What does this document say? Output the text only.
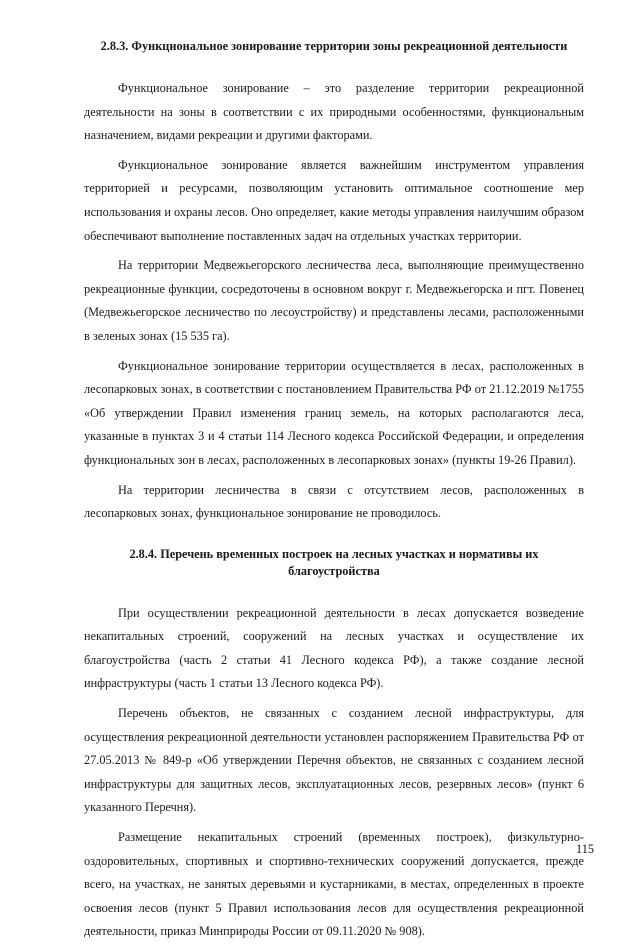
2.8.3. Функциональное зонирование территории зоны рекреационной деятельности

Функциональное зонирование – это разделение территории рекреационной деятельности на зоны в соответствии с их природными особенностями, функциональным назначением, видами рекреации и другими факторами.

Функциональное зонирование является важнейшим инструментом управления территорией и ресурсами, позволяющим установить оптимальное соотношение мер использования и охраны лесов. Оно определяет, какие методы управления наилучшим образом обеспечивают выполнение поставленных задач на отдельных участках территории.

На территории Медвежьегорского лесничества леса, выполняющие преимущественно рекреационные функции, сосредоточены в основном вокруг г. Медвежьегорска и пгт. Повенец (Медвежьегорское лесничество по лесоустройству) и представлены лесами, расположенными в зеленых зонах (15 535 га).

Функциональное зонирование территории осуществляется в лесах, расположенных в лесопарковых зонах, в соответствии с постановлением Правительства РФ от 21.12.2019 №1755 «Об утверждении Правил изменения границ земель, на которых располагаются леса, указанные в пунктах 3 и 4 статьи 114 Лесного кодекса Российской Федерации, и определения функциональных зон в лесах, расположенных в лесопарковых зонах» (пункты 19-26 Правил).

На территории лесничества в связи с отсутствием лесов, расположенных в лесопарковых зонах, функциональное зонирование не проводилось.

2.8.4. Перечень временных построек на лесных участках и нормативы их
благоустройства

При осуществлении рекреационной деятельности в лесах допускается возведение некапитальных строений, сооружений на лесных участках и осуществление их благоустройства (часть 2 статьи 41 Лесного кодекса РФ), а также создание лесной инфраструктуры (часть 1 статьи 13 Лесного кодекса РФ).

Перечень объектов, не связанных с созданием лесной инфраструктуры, для осуществления рекреационной деятельности установлен распоряжением Правительства РФ от 27.05.2013 № 849-р «Об утверждении Перечня объектов, не связанных с созданием лесной инфраструктуры для защитных лесов, эксплуатационных лесов, резервных лесов» (пункт 6 указанного Перечня).

Размещение некапитальных строений (временных построек), физкультурно-оздоровительных, спортивных и спортивно-технических сооружений допускается, прежде всего, на участках, не занятых деревьями и кустарниками, в местах, определенных в проекте освоения лесов (пункт 5 Правил использования лесов для осуществления рекреационной деятельности, приказ Минприроды России от 09.11.2020 № 908).

115
